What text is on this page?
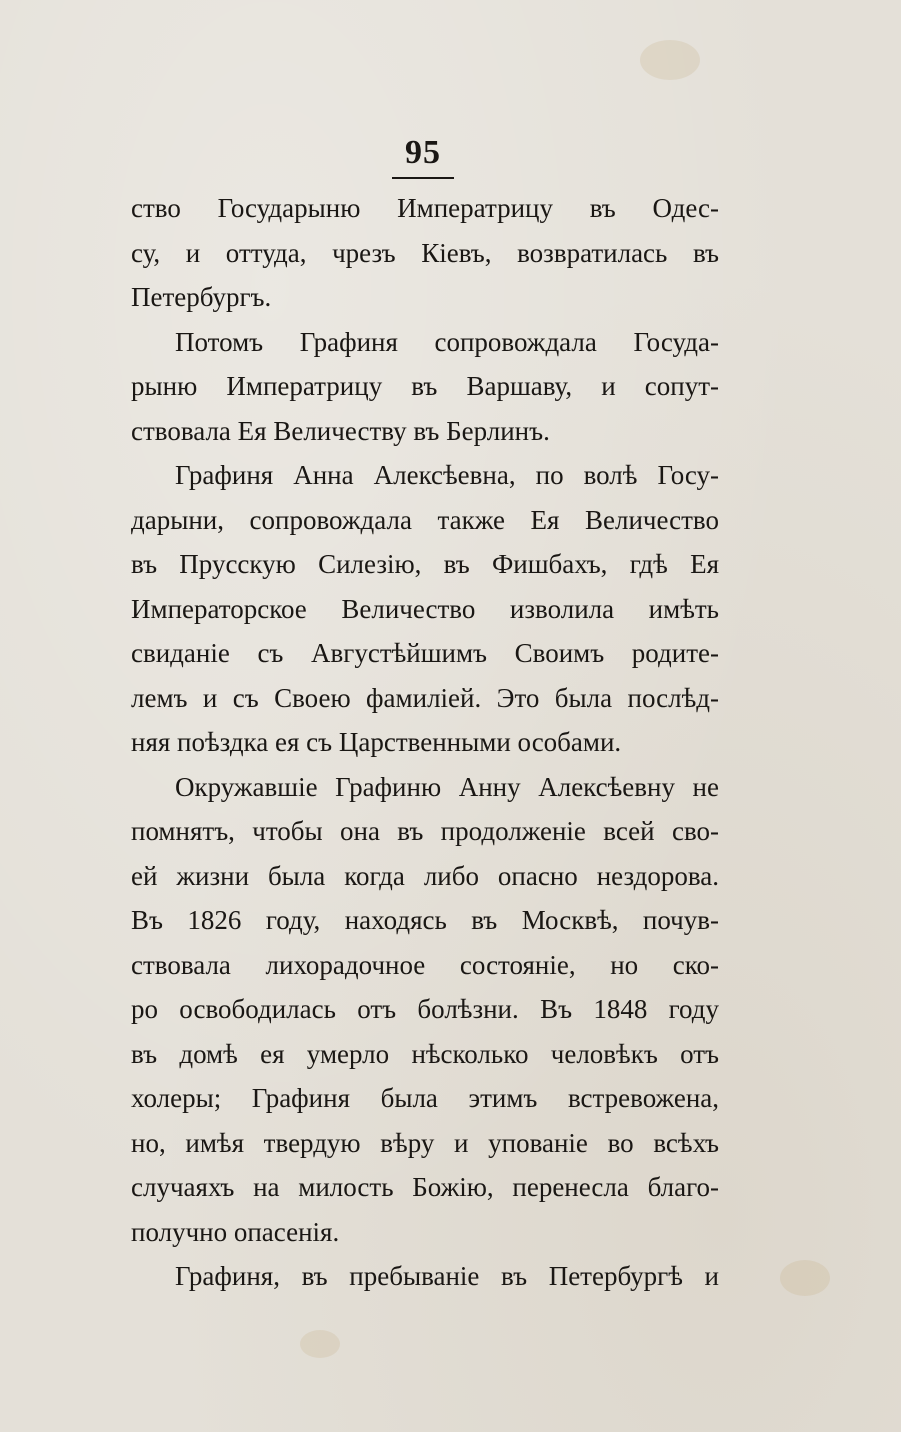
95
ство Государыню Императрицу въ Одес-
су, и оттуда, чрезъ Кіевъ, возвратилась въ
Петербургъ.
Потомъ Графиня сопровождала Госуда-
рыню Императрицу въ Варшаву, и сопут-
ствовала Ея Величеству въ Берлинъ.
Графиня Анна Алексѣевна, по волѣ Госу-
дарыни, сопровождала также Ея Величество
въ Прусскую Силезію, въ Фишбахъ, гдѣ Ея
Императорское Величество изволила имѣть
свиданіе съ Августѣйшимъ Своимъ родите-
лемъ и съ Своею фамиліей. Это была послѣд-
няя поѣздка ея съ Царственными особами.
Окружавшіе Графиню Анну Алексѣевну не
помнятъ, чтобы она въ продолженіе всей сво-
ей жизни была когда либо опасно нездорова.
Въ 1826 году, находясь въ Москвѣ, почув-
ствовала лихорадочное состояніе, но ско-
ро освободилась отъ болѣзни. Въ 1848 году
въ домѣ ея умерло нѣсколько человѣкъ отъ
холеры; Графиня была этимъ встревожена,
но, имѣя твердую вѣру и упованіе во всѣхъ
случаяхъ на милость Божію, перенесла благо-
получно опасенія.
Графиня, въ пребываніе въ Петербургѣ и
